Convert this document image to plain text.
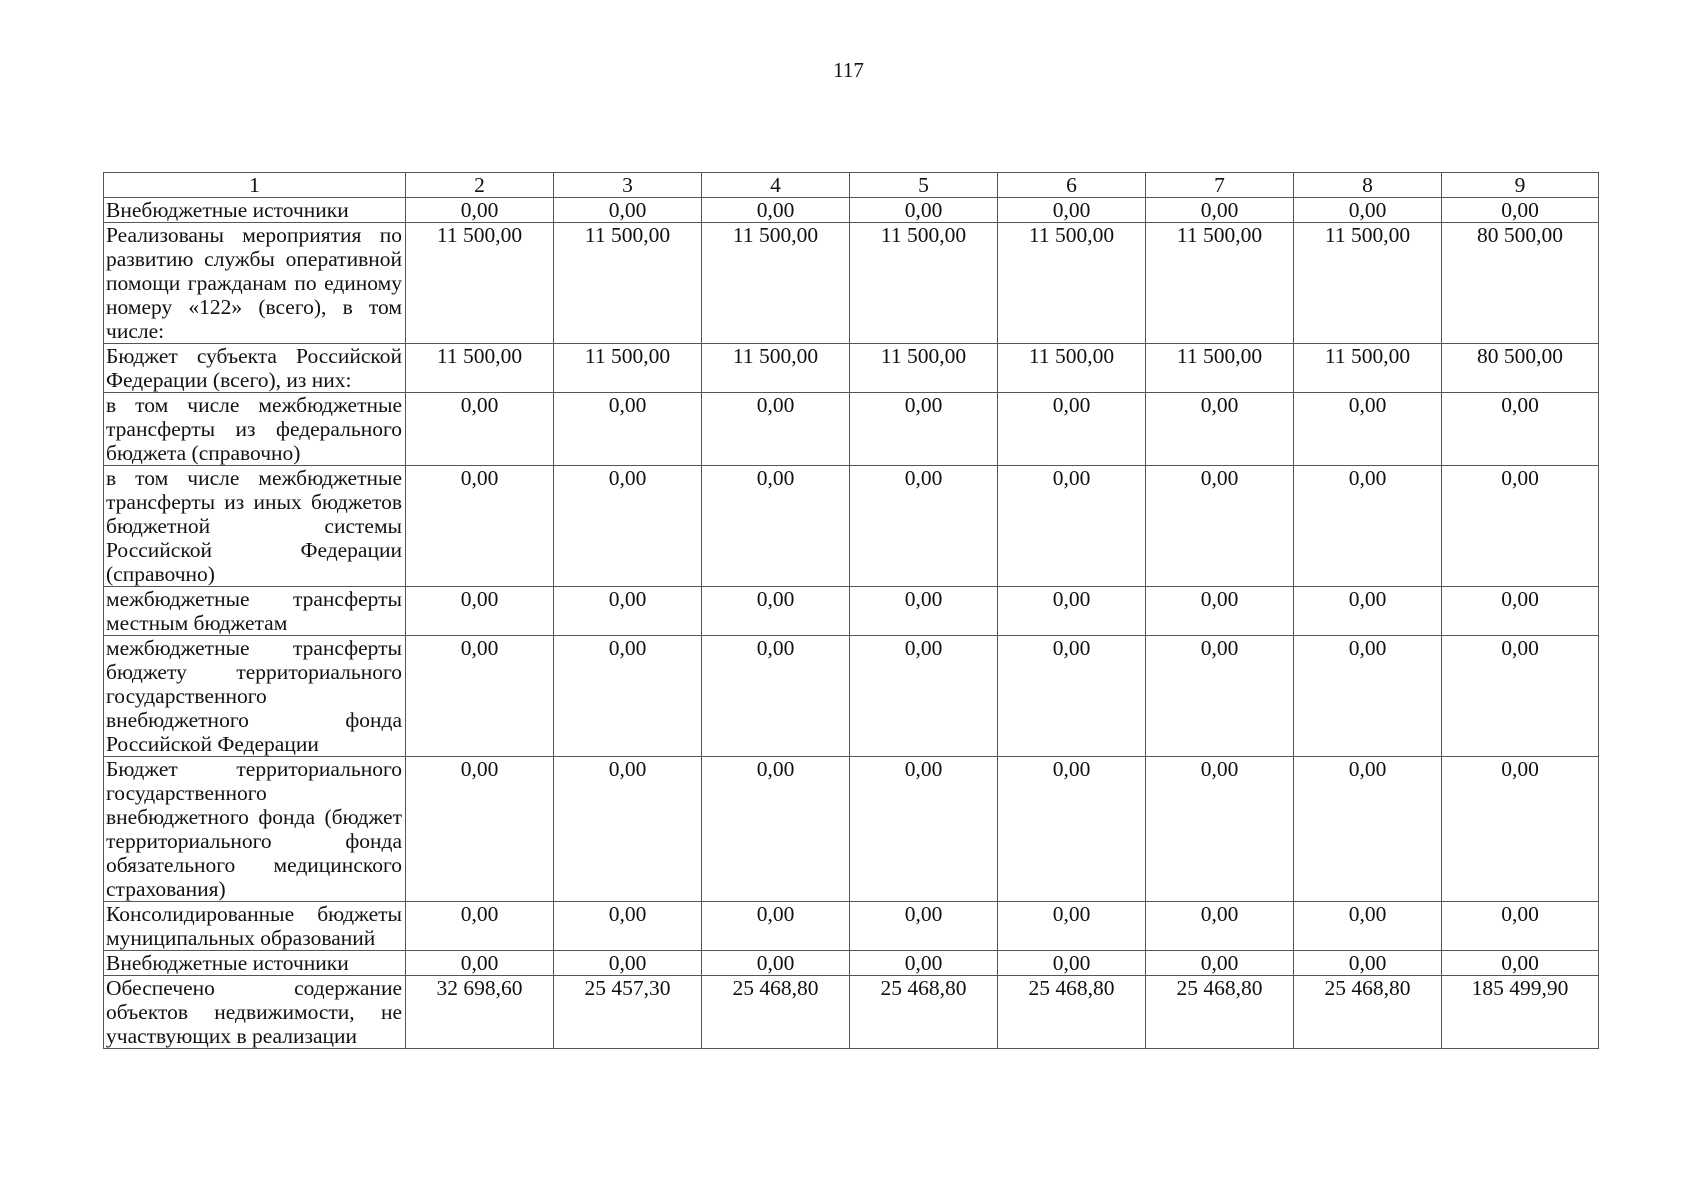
117
1	2	3	4	5	6	7	8	9
Внебюджетные источники	0,00	0,00	0,00	0,00	0,00	0,00	0,00	0,00
Реализованы мероприятия по развитию службы оперативной помощи гражданам по единому номеру «122» (всего), в том числе:	11 500,00	11 500,00	11 500,00	11 500,00	11 500,00	11 500,00	11 500,00	80 500,00
Бюджет субъекта Российской Федерации (всего), из них:	11 500,00	11 500,00	11 500,00	11 500,00	11 500,00	11 500,00	11 500,00	80 500,00
в том числе межбюджетные трансферты из федерального бюджета (справочно)	0,00	0,00	0,00	0,00	0,00	0,00	0,00	0,00
в том числе межбюджетные трансферты из иных бюджетов бюджетной системы Российской Федерации (справочно)	0,00	0,00	0,00	0,00	0,00	0,00	0,00	0,00
межбюджетные трансферты местным бюджетам	0,00	0,00	0,00	0,00	0,00	0,00	0,00	0,00
межбюджетные трансферты бюджету территориального государственного внебюджетного фонда Российской Федерации	0,00	0,00	0,00	0,00	0,00	0,00	0,00	0,00
Бюджет территориального государственного внебюджетного фонда (бюджет территориального фонда обязательного медицинского страхования)	0,00	0,00	0,00	0,00	0,00	0,00	0,00	0,00
Консолидированные бюджеты муниципальных образований	0,00	0,00	0,00	0,00	0,00	0,00	0,00	0,00
Внебюджетные источники	0,00	0,00	0,00	0,00	0,00	0,00	0,00	0,00
Обеспечено содержание объектов недвижимости, не участвующих в реализации	32 698,60	25 457,30	25 468,80	25 468,80	25 468,80	25 468,80	25 468,80	185 499,90
